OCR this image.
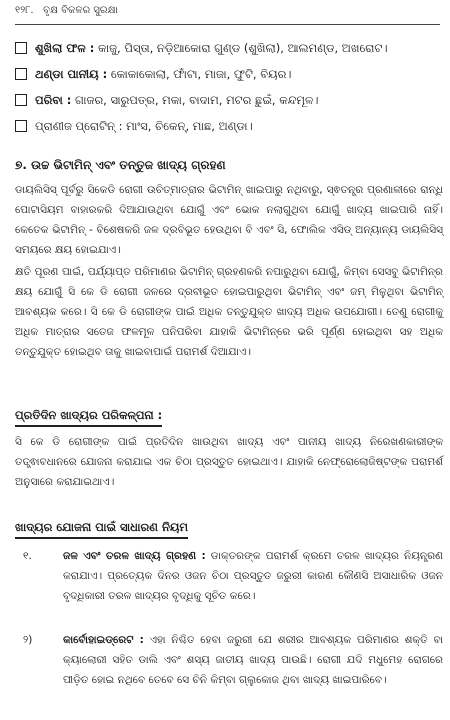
୧୨୮. ବୃକ୍ଷ ବିକଳର ସୁରକ୍ଷା
ଶୁଖିଲା ଫଳ : କାଜୁ, ପିସ୍ତା, ନଡ଼ିଆକୋରା ଗୁଣ୍ଡ (ଶୁଖିଲା), ଆଲମଣ୍ଡ, ଅଖରୋଟ।
ଥଣ୍ଡା ପାନୀୟ : କୋକାକୋଲା, ଫାଁଟା, ମାଜା, ଫୁଟି, ବିୟର।
ପରିବା : ଗାଜର, ସାରୁପତ୍ର, ମକା, ବାଦାମ, ମଟର ଛୁଇଁ, କନ୍ଦମୂଳ।
ପ୍ରାଣୀଜ ପ୍ରୋଟିନ୍ : ମାଂସ, ଚିକେନ୍, ମାଛ, ଅଣ୍ଡା।
୭. ଉଚ୍ଚ ଭିଟାମିନ୍ ଏବଂ ତନ୍ତୁଜ ଖାଦ୍ୟ ଗ୍ରହଣ
ଡାୟଲିସିସ୍ ପୂର୍ବରୁ ସିକେଡି ରୋଗୀ ଉଚିତ୍‌ମାତ୍ରାର ଭିଟାମିନ୍ ଖାଇପାରୁ ନଥିବାରୁ, ସ୍ଵତନ୍ତ୍ର ପ୍ରଣାଳୀରେ ରାନ୍ଧି ପୋଟାସିୟମ ବାହାରକରି ଦିଆଯାଉଥିବା ଯୋଗୁଁ ଏବଂ ଭୋକ ନଲାଗୁଥିବା ଯୋଗୁଁ ଖାଦ୍ୟ ଖାଇପାରି ନାହିଁ। କେତେକ ଭିଟାମିନ୍ - ବିଶେଷକରି ଜଳ ଦ୍ରବିଭୂତ ହେଉଥିବା ବି ଏବଂ ସି, ଫୋଲିକ ଏସିଡ୍ ଅନ୍ୟାନ୍ୟ ଡାୟଲିସିସ୍ ସମୟରେ କ୍ଷୟ ହୋଇଯାଏ।
କ୍ଷତି ପୂରଣ ପାଇଁ, ପର୍ଯ୍ୟାପ୍ତ ପରିମାଣର ଭିଟାମିନ୍ ଗ୍ରହଣକରି ନପାରୁଥିବା ଯୋଗୁଁ, କିମ୍ବା ସେସବୁ ଭିଟାମିନ୍‌ର କ୍ଷୟ ଯୋଗୁଁ ସି କେ ଡି ରୋଗୀ ଜଳରେ ଦ୍ରବୀଭୂତ ହୋଇପାରୁଥିବା ଭିଟାମିନ୍ ଏବଂ ଜମ୍ ମିଳୁଥିବା ଭିଟାମିନ୍ ଆବଶ୍ୟକ କରେ। ସି କେ ଡି ରୋଗୀଙ୍କ ପାଇଁ ଅଧିକ ତନ୍ତୁଯୁକ୍ତ ଖାଦ୍ୟ ଅଧିକ ଉପଯୋଗୀ। ତେଣୁ ରୋଗୀକୁ ଅଧିକ ମାତ୍ରାର ସତେଜ ଫଳମୂଳ ପନିପରିବା ଯାହାକି ଭିଟାମିନ୍‌ରେ ଭରି ପୂର୍ଣ୍ଣ ହୋଇଥିବା ସହ ଅଧିକ ତନ୍ତୁଯୁକ୍ତ ହୋଇଥିବ ତାକୁ ଖାଇବାପାଇଁ ପରାମର୍ଶ ଦିଆଯାଏ।
ପ୍ରତିଦିନ ଖାଦ୍ୟର ପରିକଳ୍ପନା :
ସି କେ ଡି ରୋଗୀଙ୍କ ପାଇଁ ପ୍ରତିଦିନ ଖାଉଥିବା ଖାଦ୍ୟ ଏବଂ ପାନୀୟ ଖାଦ୍ୟ ନିରେଖଣକାରୀଙ୍କ ତତ୍ତ୍ଵାବଧାନରେ ଯୋଜନା କରାଯାଇ ଏକ ଚିଠା ପ୍ରସ୍ତୁତ ହୋଇଥାଏ। ଯାହାକି ନେଫ୍ରୋଲୋଜିଷ୍ଟଙ୍କ ପରାମର୍ଶ ଅନୁସାରେ କରାଯାଇଥାଏ।
ଖାଦ୍ୟର ଯୋଜନା ପାଇଁ ସାଧାରଣ ନିୟମ
୧.	ଜଳ ଏବଂ ତରଳ ଖାଦ୍ୟ ଗ୍ରହଣ : ଡାକ୍ତରଙ୍କ ପରାମର୍ଶ କ୍ରମେ ତରଳ ଖାଦ୍ୟର ନିୟନ୍ତ୍ରଣ କରାଯାଏ। ପ୍ରତ୍ୟେକ ଦିନର ଓଜନ ଚିଠା ପ୍ରସ୍ତୁତ ଜରୁରୀ କାରଣ କୌଣସି ଅସାଧାରିକ ଓଜନ ବୃଦ୍ଧିକାରୀ ତରଳ ଖାଦ୍ୟର ବୃଦ୍ଧିକୁ ସୂଚିତ କରେ।
୨)	କାର୍ବୋହାଇଡ୍ରେଟ : ଏହା ନିଶ୍ଚିତ ହେବା ଜରୁରୀ ଯେ ଶରୀର ଆବଶ୍ୟକ ପରିମାଣର ଶକ୍ତି ବା କ୍ୟାଲୋରୀ ସହିତ ଡାଲି ଏବଂ ଶସ୍ୟ ଜାତୀୟ ଖାଦ୍ୟ ପାଉଛି। ରୋଗୀ ଯଦି ମଧୁମେହ ରୋଗରେ ପୀଡ଼ିତ ହୋଇ ନଥିବେ ତେବେ ସେ ଚିନି କିମ୍ବା ଗ୍ଲୁକୋଜ ଥିବା ଖାଦ୍ୟ ଖାଇପାରିବେ।
